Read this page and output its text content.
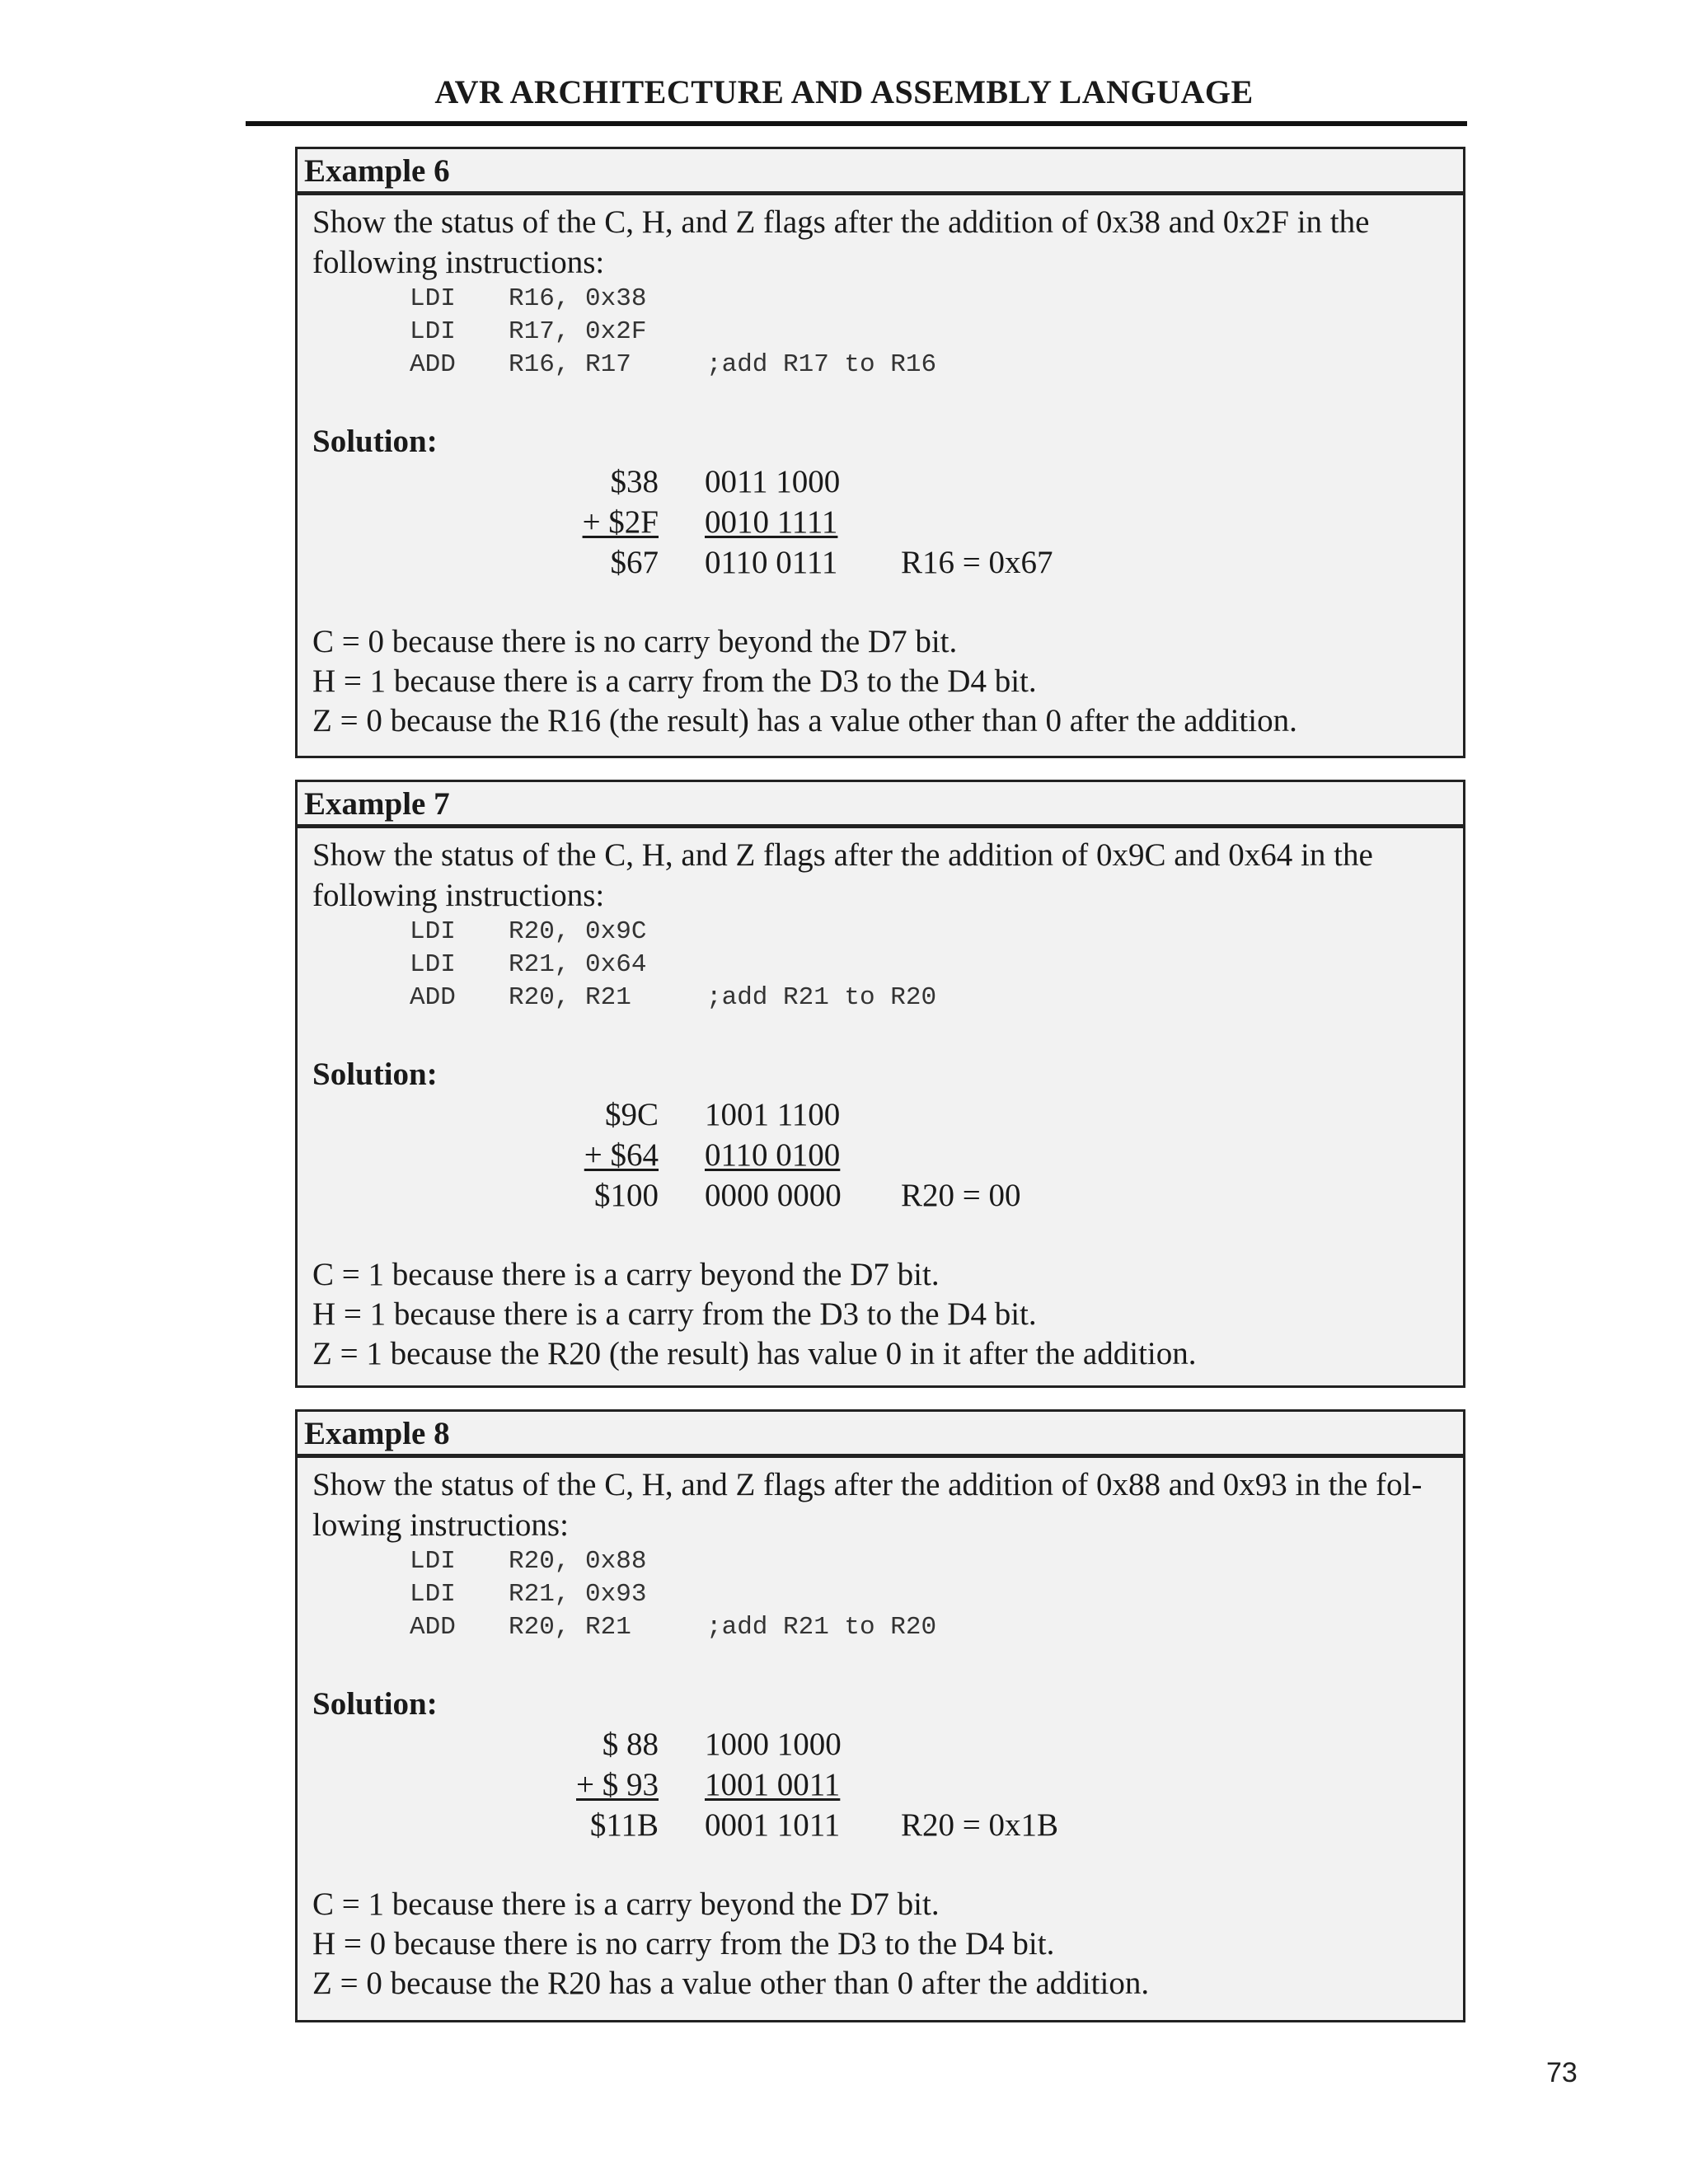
AVR ARCHITECTURE AND ASSEMBLY LANGUAGE
Example 6
Show the status of the C, H, and Z flags after the addition of 0x38 and 0x2F in the
following instructions:
LDI R16, 0x38
LDI R17, 0x2F
ADD R16, R17	;add R17 to R16
Solution:
$38 0011 1000
+ $2F 0010 1111
$67 0110 0111 R16 = 0x67
C = 0 because there is no carry beyond the D7 bit.
H = 1 because there is a carry from the D3 to the D4 bit.
Z = 0 because the R16 (the result) has a value other than 0 after the addition.
Example 7
Show the status of the C, H, and Z flags after the addition of 0x9C and 0x64 in the
following instructions:
LDI R20, 0x9C
LDI R21, 0x64
ADD R20, R21	;add R21 to R20
Solution:
$9C 1001 1100
+ $64 0110 0100
$100 0000 0000 R20 = 00
C = 1 because there is a carry beyond the D7 bit.
H = 1 because there is a carry from the D3 to the D4 bit.
Z = 1 because the R20 (the result) has value 0 in it after the addition.
Example 8
Show the status of the C, H, and Z flags after the addition of 0x88 and 0x93 in the fol-
lowing instructions:
LDI R20, 0x88
LDI R21, 0x93
ADD R20, R21	;add R21 to R20
Solution:
$ 88 1000 1000
+ $ 93 1001 0011
$11B 0001 1011 R20 = 0x1B
C = 1 because there is a carry beyond the D7 bit.
H = 0 because there is no carry from the D3 to the D4 bit.
Z = 0 because the R20 has a value other than 0 after the addition.
73
